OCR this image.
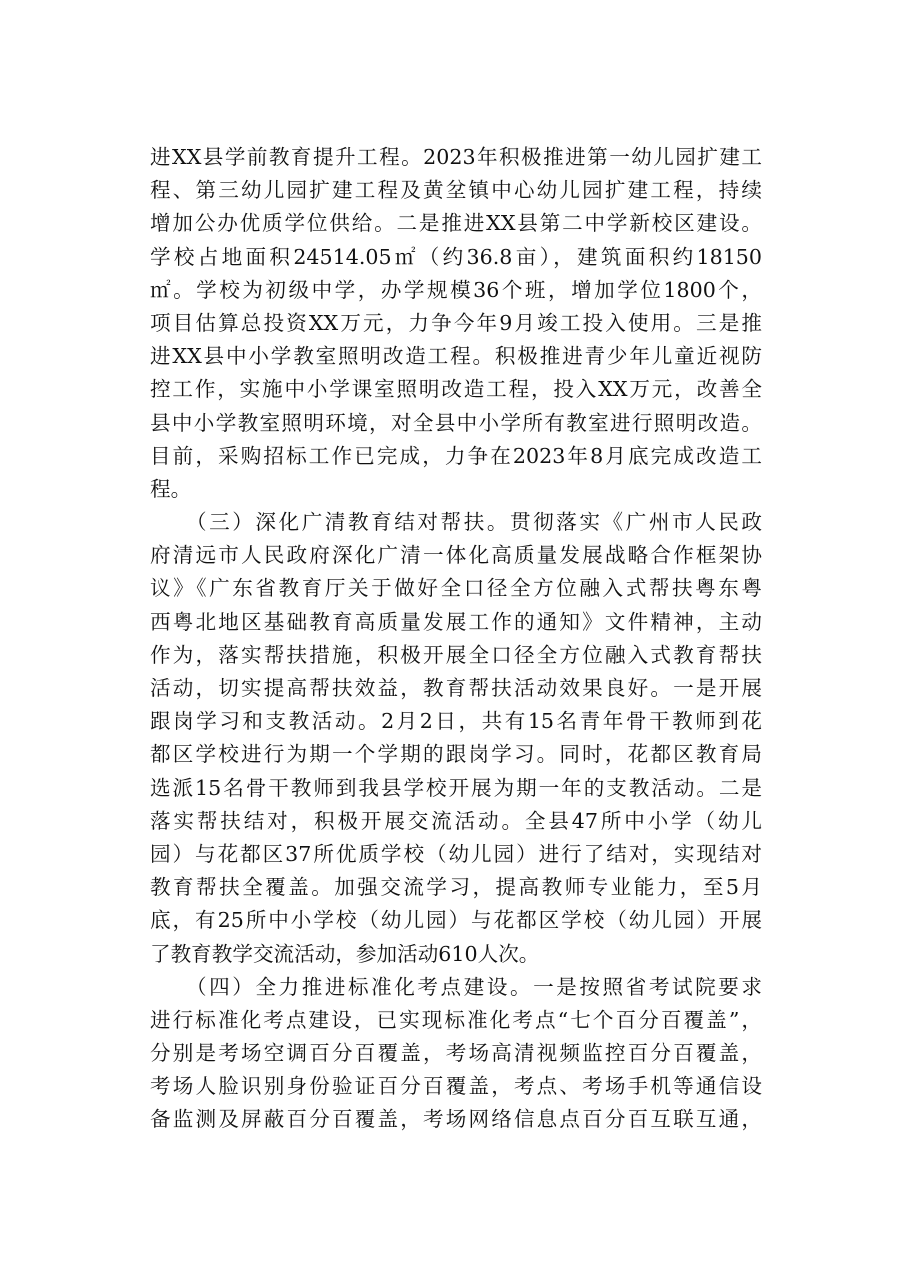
进XX县学前教育提升工程。2023年积极推进第一幼儿园扩建工
程、第三幼儿园扩建工程及黄坌镇中心幼儿园扩建工程，持续
增加公办优质学位供给。二是推进XX县第二中学新校区建设。
学校占地面积24514.05㎡（约36.8亩），建筑面积约18150
㎡。学校为初级中学，办学规模36个班，增加学位1800个，
项目估算总投资XX万元，力争今年9月竣工投入使用。三是推
进XX县中小学教室照明改造工程。积极推进青少年儿童近视防
控工作，实施中小学课室照明改造工程，投入XX万元，改善全
县中小学教室照明环境，对全县中小学所有教室进行照明改造。
目前，采购招标工作已完成，力争在2023年8月底完成改造工
程。
　　（三）深化广清教育结对帮扶。贯彻落实《广州市人民政
府清远市人民政府深化广清一体化高质量发展战略合作框架协
议》《广东省教育厅关于做好全口径全方位融入式帮扶粤东粤
西粤北地区基础教育高质量发展工作的通知》文件精神，主动
作为，落实帮扶措施，积极开展全口径全方位融入式教育帮扶
活动，切实提高帮扶效益，教育帮扶活动效果良好。一是开展
跟岗学习和支教活动。2月2日，共有15名青年骨干教师到花
都区学校进行为期一个学期的跟岗学习。同时，花都区教育局
选派15名骨干教师到我县学校开展为期一年的支教活动。二是
落实帮扶结对，积极开展交流活动。全县47所中小学（幼儿
园）与花都区37所优质学校（幼儿园）进行了结对，实现结对
教育帮扶全覆盖。加强交流学习，提高教师专业能力，至5月
底，有25所中小学校（幼儿园）与花都区学校（幼儿园）开展
了教育教学交流活动，参加活动610人次。
　　（四）全力推进标准化考点建设。一是按照省考试院要求
进行标准化考点建设，已实现标准化考点“七个百分百覆盖”，
分别是考场空调百分百覆盖，考场高清视频监控百分百覆盖，
考场人脸识别身份验证百分百覆盖，考点、考场手机等通信设
备监测及屏蔽百分百覆盖，考场网络信息点百分百互联互通，
